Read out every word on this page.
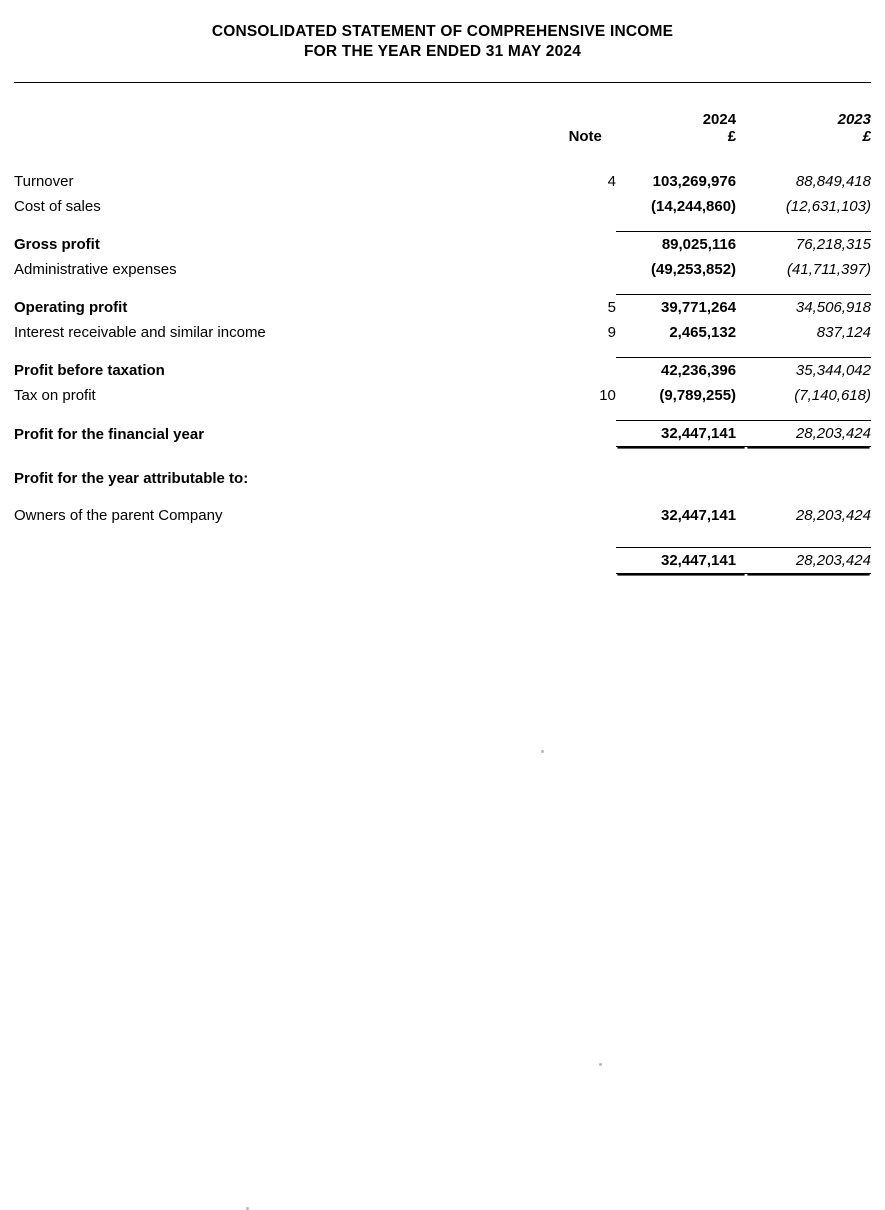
CONSOLIDATED STATEMENT OF COMPREHENSIVE INCOME
FOR THE YEAR ENDED 31 MAY 2024

		2024	2023
	Note	£	£

Turnover	4	103,269,976	88,849,418
Cost of sales		(14,244,860)	(12,631,103)

Gross profit		89,025,116	76,218,315
Administrative expenses		(49,253,852)	(41,711,397)

Operating profit	5	39,771,264	34,506,918
Interest receivable and similar income	9	2,465,132	837,124

Profit before taxation		42,236,396	35,344,042
Tax on profit	10	(9,789,255)	(7,140,618)

Profit for the financial year		32,447,141	28,203,424

Profit for the year attributable to:			

Owners of the parent Company		32,447,141	28,203,424

		32,447,141	28,203,424
